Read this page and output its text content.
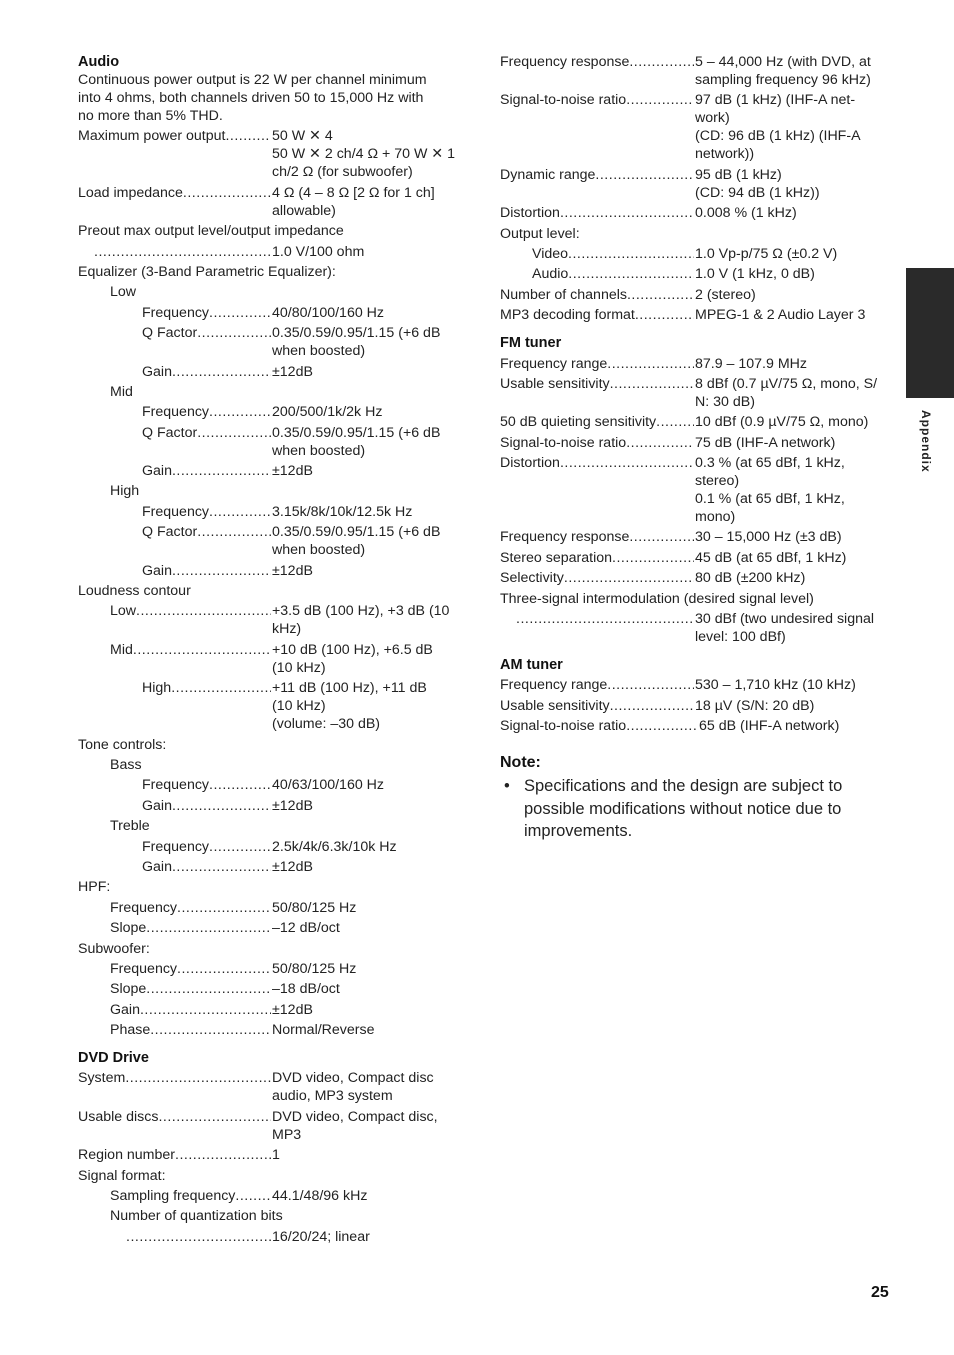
Appendix
Audio
Continuous power output is 22 W per channel minimum
into 4 ohms, both channels driven 50 to 15,000 Hz with
no more than 5% THD.
Maximum power output .....	50 W ✕ 4
50 W ✕ 2 ch/4 Ω + 70 W ✕ 1
ch/2 Ω (for subwoofer)
Load impedance .....	4 Ω (4 – 8 Ω [2 Ω for 1 ch]
allowable)
Preout max output level/output impedance
.....
1.0 V/100 ohm
Equalizer (3-Band Parametric Equalizer):
Low
Frequency .....	40/80/100/160 Hz
Q Factor .....	0.35/0.59/0.95/1.15 (+6 dB
when boosted)
Gain .....	±12dB
Mid
Frequency .....	200/500/1k/2k Hz
Q Factor .....	0.35/0.59/0.95/1.15 (+6 dB
when boosted)
Gain .....	±12dB
High
Frequency .....	3.15k/8k/10k/12.5k Hz
Q Factor .....	0.35/0.59/0.95/1.15 (+6 dB
when boosted)
Gain .....	±12dB
Loudness contour
Low .....	+3.5 dB (100 Hz), +3 dB (10
kHz)
Mid .....	+10 dB (100 Hz), +6.5 dB
(10 kHz)
High .....	+11 dB (100 Hz), +11 dB
(10 kHz)
(volume: –30 dB)
Tone controls:
Bass
Frequency .....	40/63/100/160 Hz
Gain .....	±12dB
Treble
Frequency .....	2.5k/4k/6.3k/10k Hz
Gain .....	±12dB
HPF:
Frequency .....	50/80/125 Hz
Slope .....	–12 dB/oct
Subwoofer:
Frequency .....	50/80/125 Hz
Slope .....	–18 dB/oct
Gain .....	±12dB
Phase .....	Normal/Reverse
DVD Drive
System .....	DVD video, Compact disc
audio, MP3 system
Usable discs .....	DVD video, Compact disc,
MP3
Region number .....	1
Signal format:
Sampling frequency .....	44.1/48/96 kHz
Number of quantization bits
.....
16/20/24; linear
Frequency response .....	5 – 44,000 Hz (with DVD, at
sampling frequency 96 kHz)
Signal-to-noise ratio .....	97 dB (1 kHz) (IHF-A net-
work)
(CD: 96 dB (1 kHz) (IHF-A
network))
Dynamic range .....	95 dB (1 kHz)
(CD: 94 dB (1 kHz))
Distortion .....	0.008 % (1 kHz)
Output level:
Video .....	1.0 Vp-p/75 Ω (±0.2 V)
Audio .....	1.0 V (1 kHz, 0 dB)
Number of channels .....	2 (stereo)
MP3 decoding format .....	MPEG-1 & 2 Audio Layer 3
FM tuner
Frequency range .....	87.9 – 107.9 MHz
Usable sensitivity .....	8 dBf (0.7 µV/75 Ω, mono, S/
N: 30 dB)
50 dB quieting sensitivity .....	10 dBf (0.9 µV/75 Ω, mono)
Signal-to-noise ratio .....	75 dB (IHF-A network)
Distortion .....	0.3 % (at 65 dBf, 1 kHz,
stereo)
0.1 % (at 65 dBf, 1 kHz,
mono)
Frequency response .....	30 – 15,000 Hz (±3 dB)
Stereo separation .....	45 dB (at 65 dBf, 1 kHz)
Selectivity .....	80 dB (±200 kHz)
Three-signal intermodulation (desired signal level)
.....
30 dBf (two undesired signal
level: 100 dBf)
AM tuner
Frequency range .....	530 – 1,710 kHz (10 kHz)
Usable sensitivity .....	18 µV (S/N: 20 dB)
Signal-to-noise ratio .....	65 dB (IHF-A network)
Note:
• Specifications and the design are subject to possible modifications without notice due to improvements.
25
